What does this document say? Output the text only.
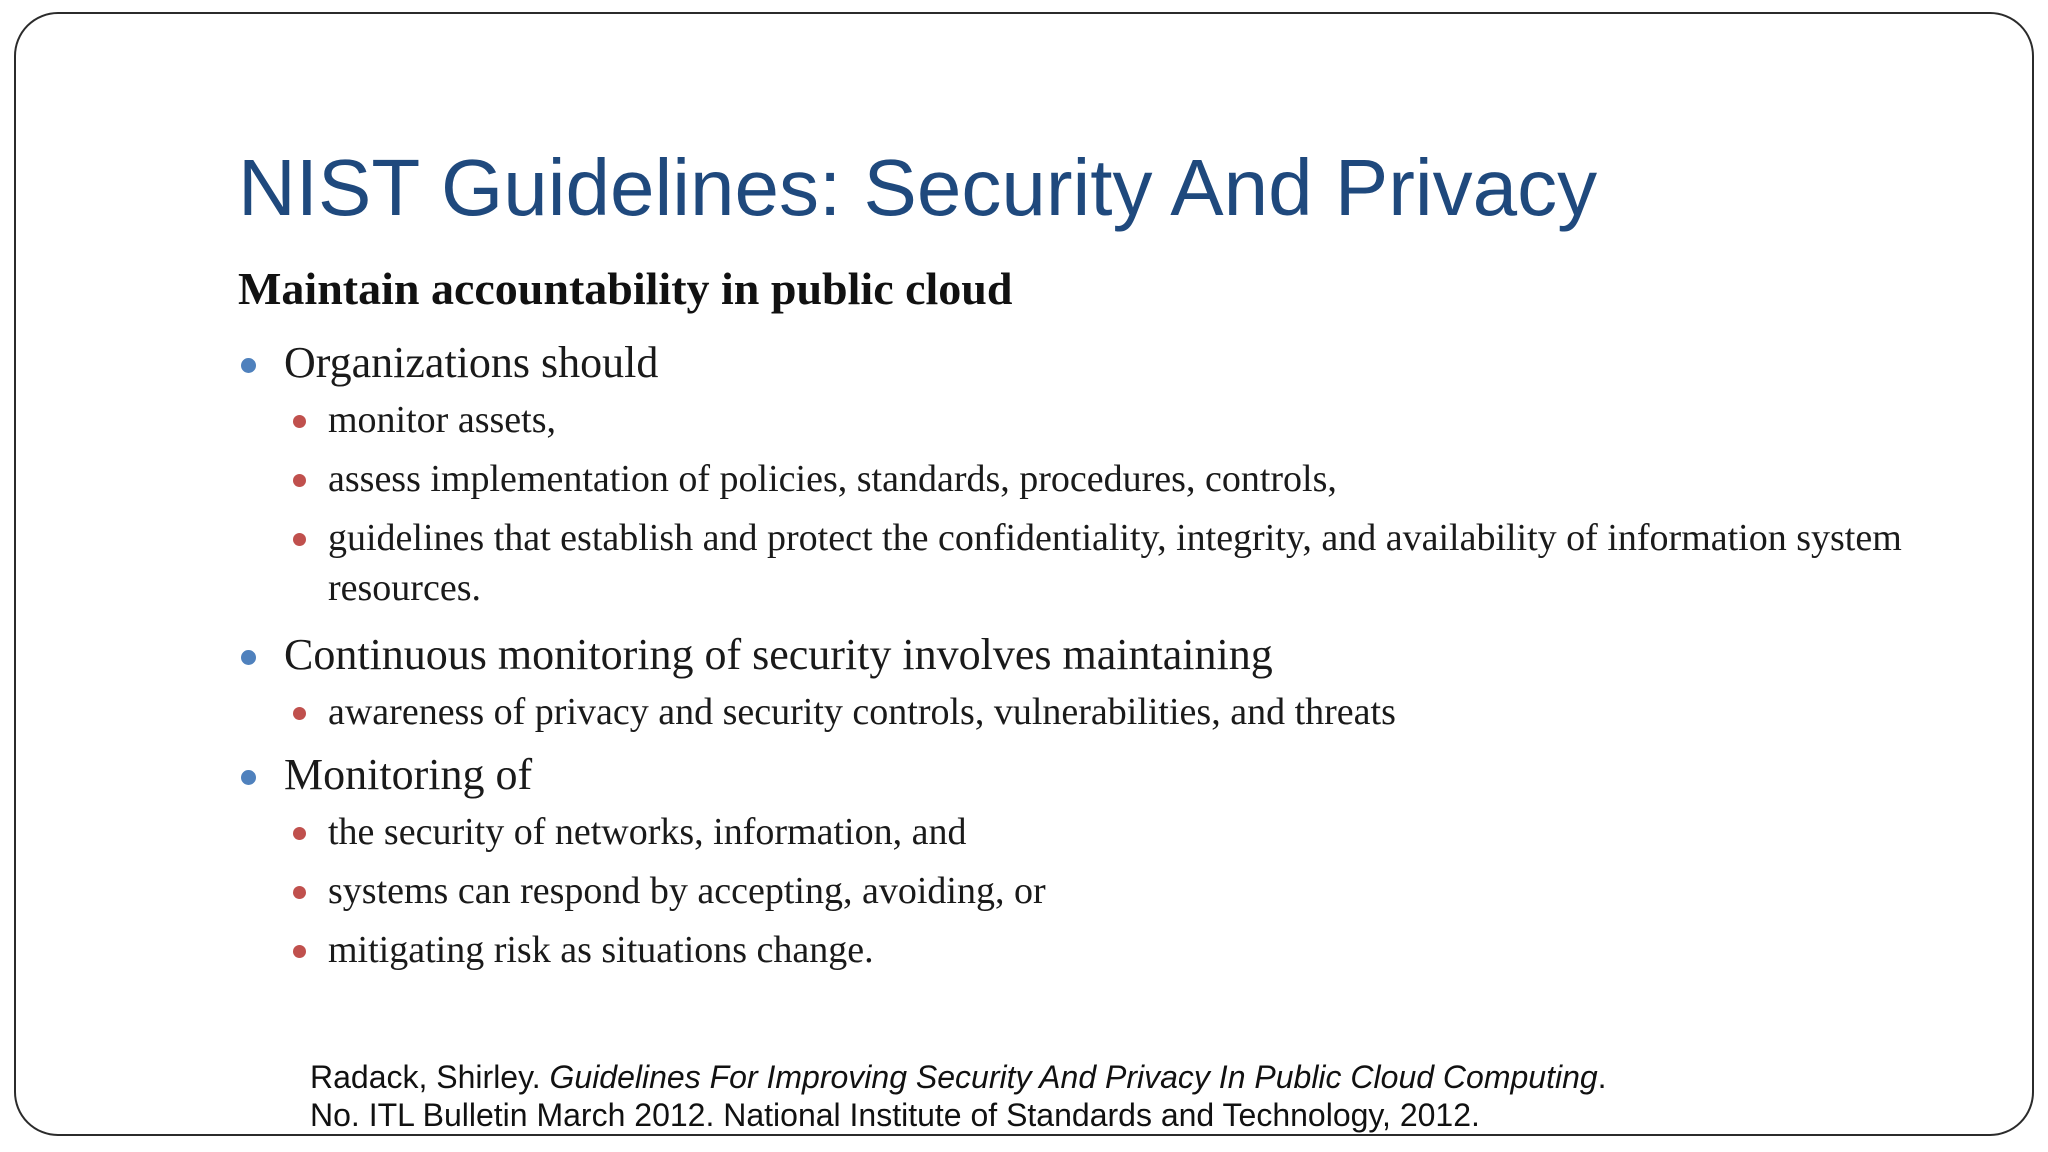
NIST Guidelines: Security And Privacy
Maintain accountability in public cloud
Organizations should
monitor assets,
assess implementation of policies, standards, procedures, controls,
guidelines that establish and protect the confidentiality, integrity, and availability of information system resources.
Continuous monitoring of security involves maintaining
awareness of privacy and security controls, vulnerabilities, and threats
Monitoring of
the security of networks, information, and
systems can respond by accepting, avoiding, or
mitigating risk as situations change.
Radack, Shirley. Guidelines For Improving Security And Privacy In Public Cloud Computing.
No. ITL Bulletin March 2012. National Institute of Standards and Technology, 2012.
